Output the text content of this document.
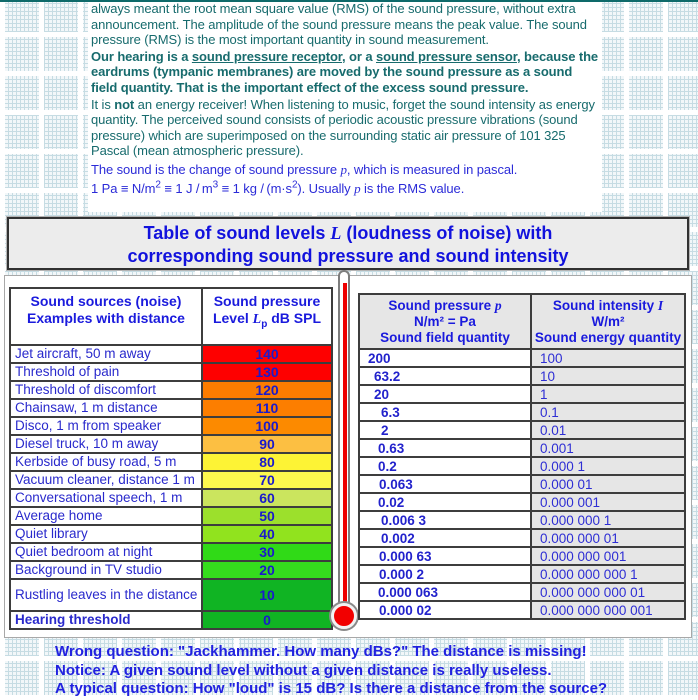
always meant the root mean square value (RMS) of the sound pressure, without extra announcement. The amplitude of the sound pressure means the peak value. The sound pressure (RMS) is the most important quantity in sound measurement.

Our hearing is a sound pressure receptor, or a sound pressure sensor, because the eardrums (tympanic membranes) are moved by the sound pressure as a sound field quantity. That is the important effect of the excess sound pressure.

It is not an energy receiver! When listening to music, forget the sound intensity as energy quantity. The perceived sound consists of periodic acoustic pressure vibrations (sound pressure) which are superimposed on the surrounding static air pressure of 101 325 Pascal (mean atmospheric pressure).

The sound is the change of sound pressure p, which is measured in pascal.

1 $Pa \equiv N/m^2 \equiv 1$ $J / m^3 \equiv 1$ kg / $(m\cdot s^2)$. Usually p is the RMS value.

Table of sound levels L (loudness of noise) with
corresponding sound pressure and sound intensity
Sound sources (noise)
Examples with distance	Sound pressure
Level $L_p$ dB SPL
Jet aircraft, 50 m away	140
Threshold of pain	130
Threshold of discomfort	120
Chainsaw, 1 m distance	110
Disco, 1 m from speaker	100
Diesel truck, 10 m away	90
Kerbside of busy road, 5 m	80
Vacuum cleaner, distance 1 m	70
Conversational speech, 1 m	60
Average home	50
Quiet library	40
Quiet bedroom at night	30
Background in TV studio	20
Rustling leaves in the distance	10
Hearing threshold	0
Sound pressure p
N/m² = Pa
Sound field quantity	Sound intensity I
W/m²
Sound energy quantity
200	100
63.2	10
20	1
6.3	0.1
2	0.01
0.63	0.001
0.2	0.000 1
0.063	0.000 01
0.02	0.000 001
0.006 3	0.000 000 1
0.002	0.000 000 01
0.000 63	0.000 000 001
0.000 2	0.000 000 000 1
0.000 063	0.000 000 000 01
0.000 02	0.000 000 000 001
Wrong question: "Jackhammer. How many dBs?" The distance is missing!
Notice: A given sound level without a given distance is really useless.
A typical question: How "loud" is 15 dB? Is there a distance from the source?
